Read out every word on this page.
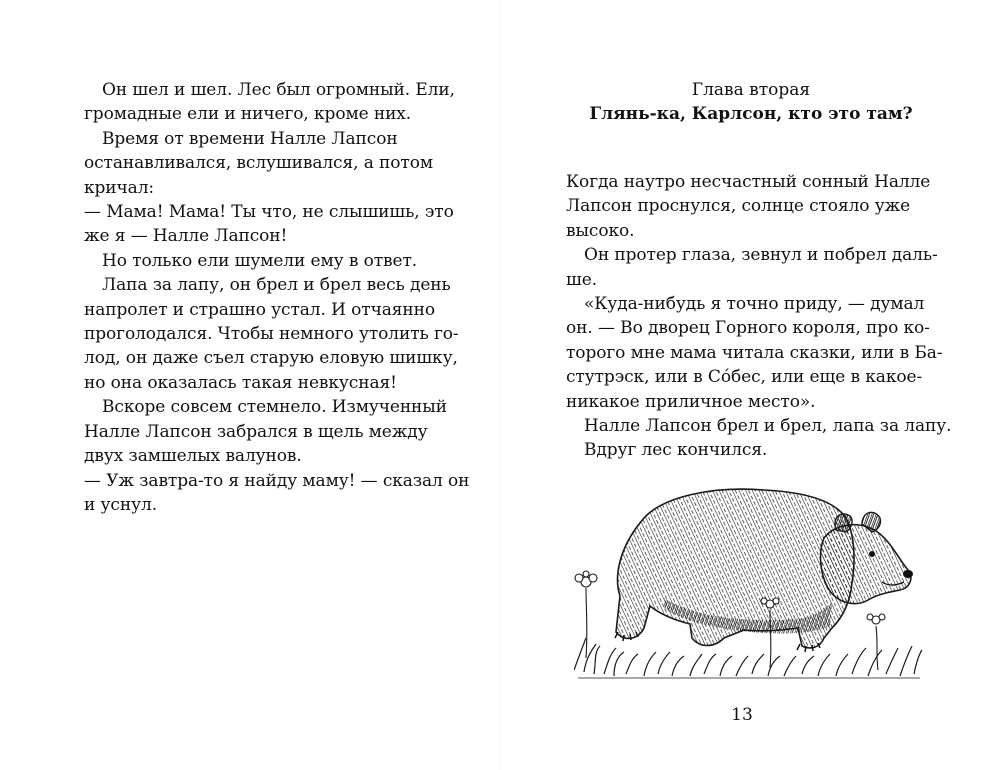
Он шел и шел. Лес был огромный. Ели,
громадные ели и ничего, кроме них.
Время от времени Налле Лапсон
останавливался, вслушивался, а потом
кричал:
— Мама! Мама! Ты что, не слышишь, это
же я — Налле Лапсон!
Но только ели шумели ему в ответ.
Лапа за лапу, он брел и брел весь день
напролет и страшно устал. И отчаянно
проголодался. Чтобы немного утолить го-
лод, он даже съел старую еловую шишку,
но она оказалась такая невкусная!
Вскоре совсем стемнело. Измученный
Налле Лапсон забрался в щель между
двух замшелых валунов.
— Уж завтра-то я найду маму! — сказал он
и уснул.
Глава вторая
Глянь-ка, Карлсон, кто это там?
Когда наутро несчастный сонный Налле
Лапсон проснулся, солнце стояло уже
высоко.
Он протер глаза, зевнул и побрел даль-
ше.
«Куда-нибудь я точно приду, — думал
он. — Во дворец Горного короля, про ко-
торого мне мама читала сказки, или в Ба-
стутрэск, или в Со́бес, или еще в какое-
никакое приличное место».
Налле Лапсон брел и брел, лапа за лапу.
Вдруг лес кончился.
13
